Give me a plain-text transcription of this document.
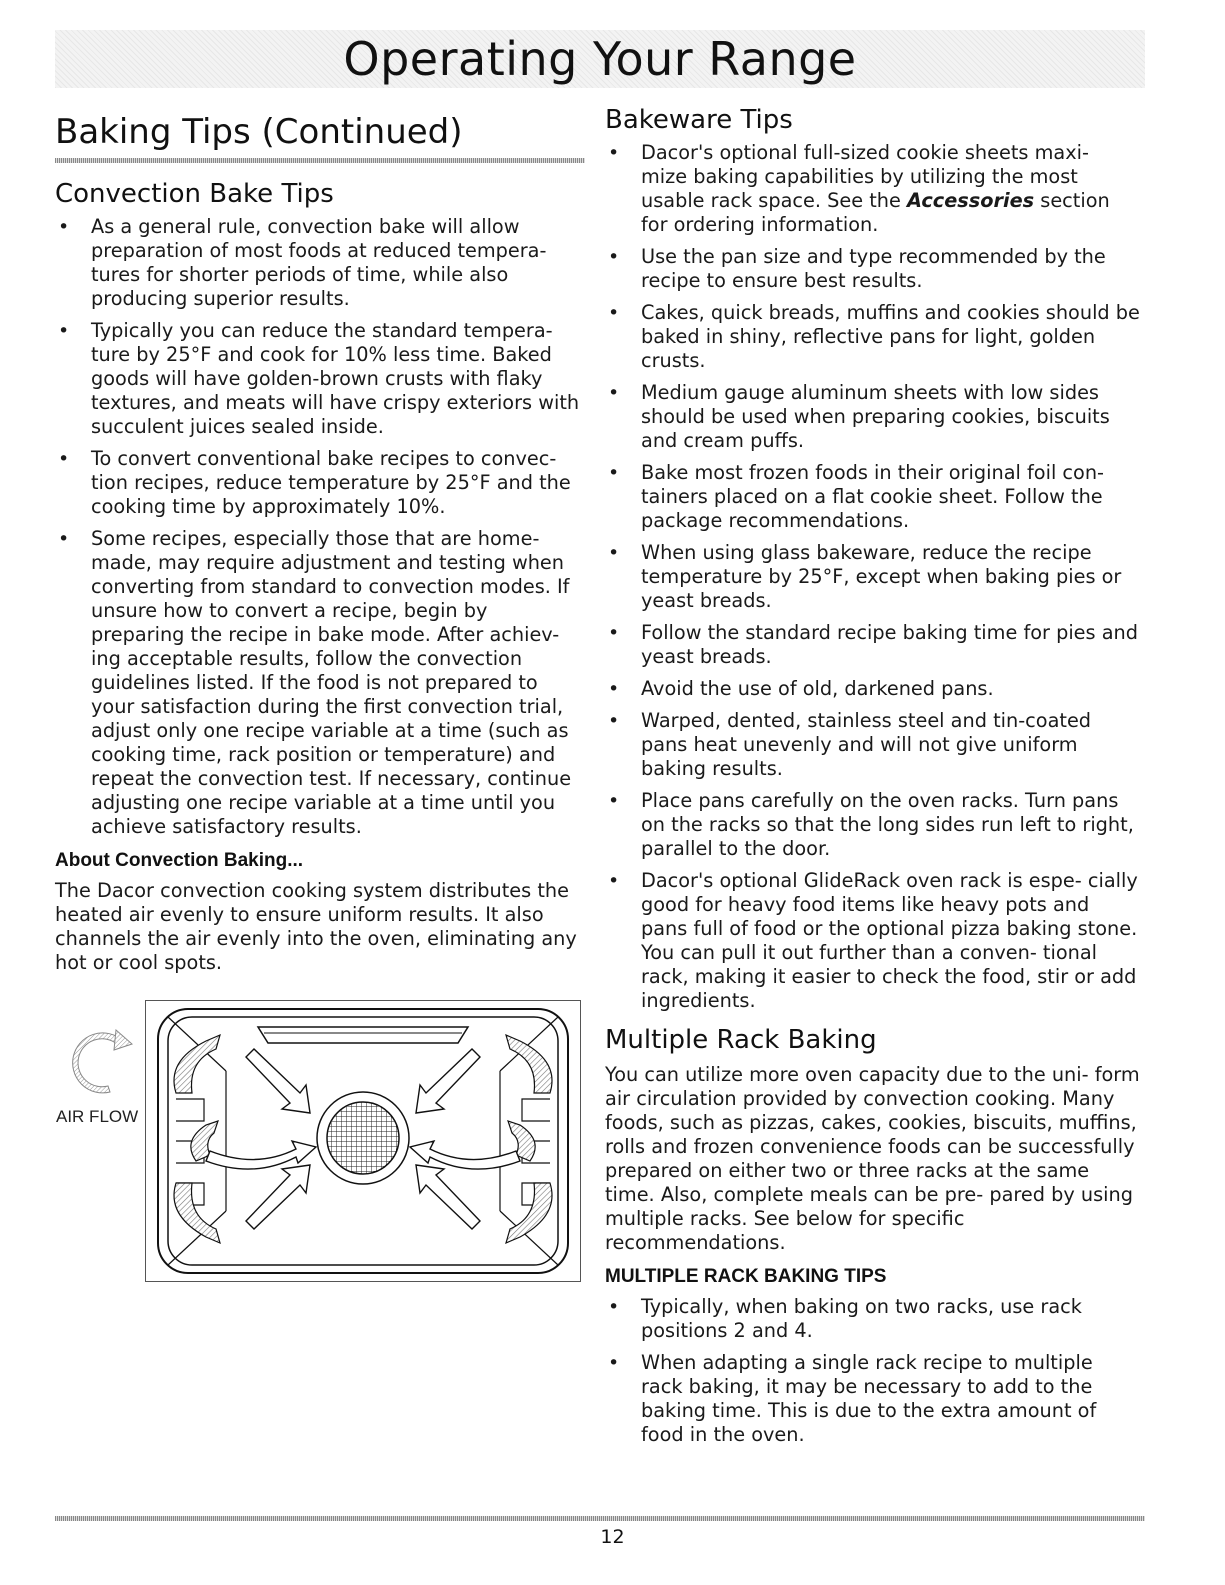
Operating Your Range
Baking Tips (Continued)
Convection Bake Tips
• As a general rule, convection bake will allow preparation of most foods at reduced tempera- tures for shorter periods of time, while also producing superior results.
• Typically you can reduce the standard tempera- ture by 25°F and cook for 10% less time. Baked goods will have golden-brown crusts with flaky textures, and meats will have crispy exteriors with succulent juices sealed inside.
• To convert conventional bake recipes to convec- tion recipes, reduce temperature by 25°F and the cooking time by approximately 10%.
• Some recipes, especially those that are home- made, may require adjustment and testing when converting from standard to convection modes. If unsure how to convert a recipe, begin by preparing the recipe in bake mode. After achiev- ing acceptable results, follow the convection guidelines listed. If the food is not prepared to your satisfaction during the first convection trial, adjust only one recipe variable at a time (such as cooking time, rack position or temperature) and repeat the convection test. If necessary, continue adjusting one recipe variable at a time until you achieve satisfactory results.
About Convection Baking...

The Dacor convection cooking system distributes the heated air evenly to ensure uniform results. It also channels the air evenly into the oven, eliminating any hot or cool spots.

AIR FLOW
Bakeware Tips
• Dacor's optional full-sized cookie sheets maxi- mize baking capabilities by utilizing the most usable rack space. See the Accessories section for ordering information.
• Use the pan size and type recommended by the recipe to ensure best results.
• Cakes, quick breads, muffins and cookies should be baked in shiny, reflective pans for light, golden crusts.
• Medium gauge aluminum sheets with low sides should be used when preparing cookies, biscuits and cream puffs.
• Bake most frozen foods in their original foil con- tainers placed on a flat cookie sheet. Follow the package recommendations.
• When using glass bakeware, reduce the recipe temperature by 25°F, except when baking pies or yeast breads.
• Follow the standard recipe baking time for pies and yeast breads.
• Avoid the use of old, darkened pans.
• Warped, dented, stainless steel and tin-coated pans heat unevenly and will not give uniform baking results.
• Place pans carefully on the oven racks. Turn pans on the racks so that the long sides run left to right, parallel to the door.
• Dacor's optional GlideRack oven rack is espe- cially good for heavy food items like heavy pots and pans full of food or the optional pizza baking stone. You can pull it out further than a conven- tional rack, making it easier to check the food, stir or add ingredients.
Multiple Rack Baking

You can utilize more oven capacity due to the uni- form air circulation provided by convection cooking. Many foods, such as pizzas, cakes, cookies, biscuits, muffins, rolls and frozen convenience foods can be successfully prepared on either two or three racks at the same time. Also, complete meals can be pre- pared by using multiple racks. See below for specific recommendations.

MULTIPLE RACK BAKING TIPS
• Typically, when baking on two racks, use rack positions 2 and 4.
• When adapting a single rack recipe to multiple rack baking, it may be necessary to add to the baking time. This is due to the extra amount of food in the oven.
12
